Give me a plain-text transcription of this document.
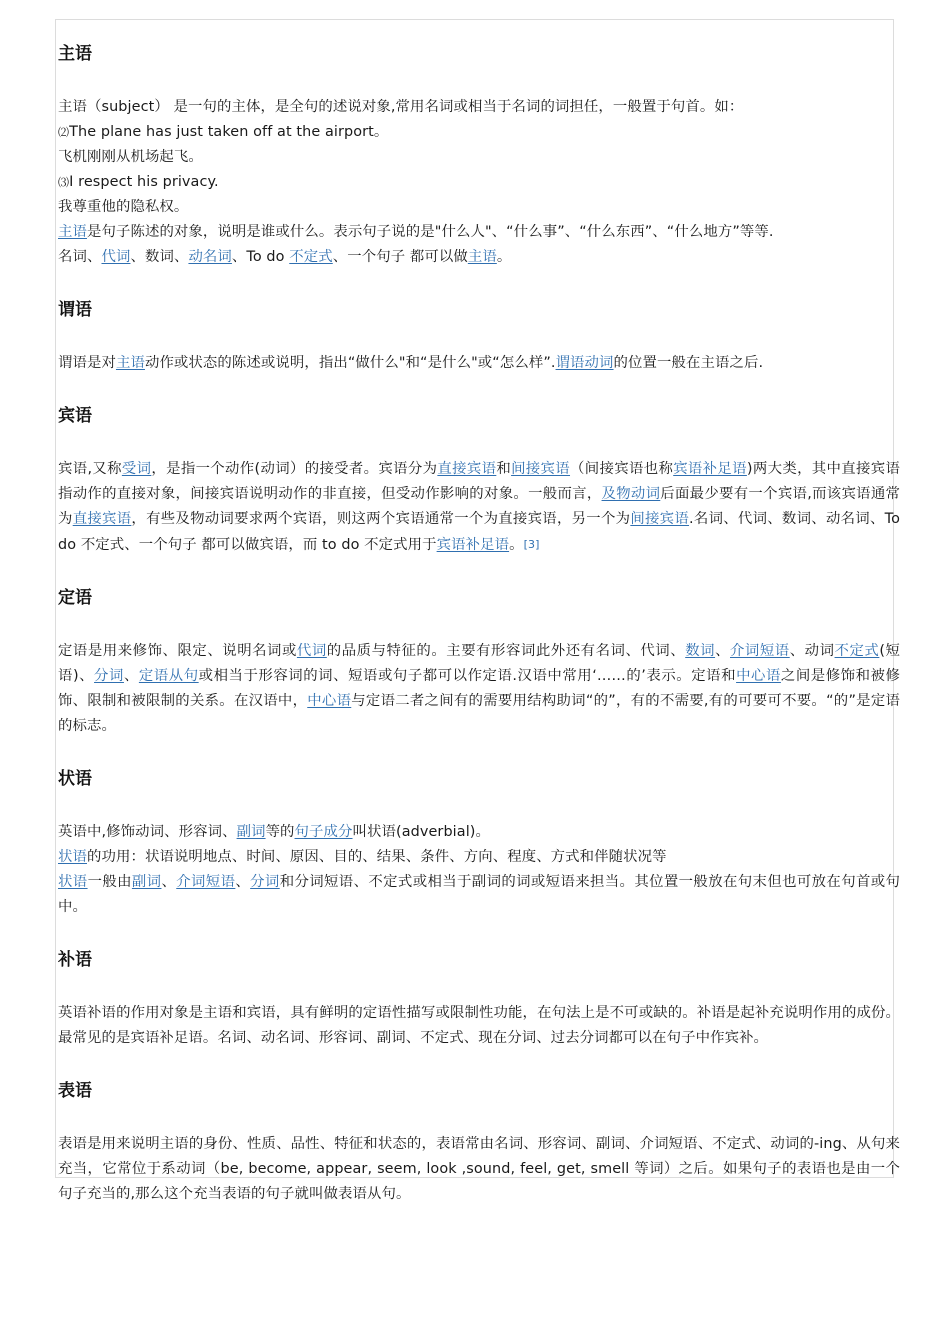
主语

主语（subject） 是一句的主体，是全句的述说对象,常用名词或相当于名词的词担任，一般置于句首。如：

⑵The plane has just taken off at the airport。

飞机刚刚从机场起飞。

⑶I respect his privacy.

我尊重他的隐私权。

主语是句子陈述的对象，说明是谁或什么。表示句子说的是"什么人"、“什么事”、“什么东西”、“什么地方”等等.

名词、代词、数词、动名词、To do 不定式、一个句子 都可以做主语。

谓语

谓语是对主语动作或状态的陈述或说明，指出“做什么"和“是什么"或“怎么样”.谓语动词的位置一般在主语之后.

宾语

宾语,又称受词，是指一个动作(动词）的接受者。宾语分为直接宾语和间接宾语（间接宾语也称宾语补足语)两大类，其中直接宾语指动作的直接对象，间接宾语说明动作的非直接，但受动作影响的对象。一般而言，及物动词后面最少要有一个宾语,而该宾语通常为直接宾语，有些及物动词要求两个宾语，则这两个宾语通常一个为直接宾语，另一个为间接宾语.名词、代词、数词、动名词、To do 不定式、一个句子 都可以做宾语，而 to do 不定式用于宾语补足语。[3]

定语

定语是用来修饰、限定、说明名词或代词的品质与特征的。主要有形容词此外还有名词、代词、数词、介词短语、动词不定式(短语)、分词、定语从句或相当于形容词的词、短语或句子都可以作定语.汉语中常用‘……的’表示。定语和中心语之间是修饰和被修饰、限制和被限制的关系。在汉语中，中心语与定语二者之间有的需要用结构助词“的”，有的不需要,有的可要可不要。“的”是定语的标志。

状语

英语中,修饰动词、形容词、副词等的句子成分叫状语(adverbial)。

状语的功用：状语说明地点、时间、原因、目的、结果、条件、方向、程度、方式和伴随状况等

状语一般由副词、介词短语、分词和分词短语、不定式或相当于副词的词或短语来担当。其位置一般放在句末但也可放在句首或句中。

补语

英语补语的作用对象是主语和宾语，具有鲜明的定语性描写或限制性功能，在句法上是不可或缺的。补语是起补充说明作用的成份。最常见的是宾语补足语。名词、动名词、形容词、副词、不定式、现在分词、过去分词都可以在句子中作宾补。

表语

表语是用来说明主语的身份、性质、品性、特征和状态的，表语常由名词、形容词、副词、介词短语、不定式、动词的-ing、从句来充当，它常位于系动词（be, become, appear, seem, look ,sound, feel, get, smell 等词）之后。如果句子的表语也是由一个句子充当的,那么这个充当表语的句子就叫做表语从句。
